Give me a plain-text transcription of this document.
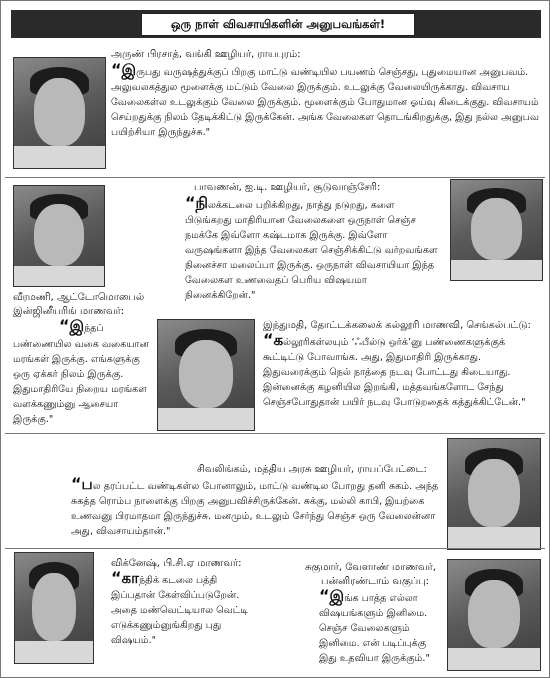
ஒரு நாள் விவசாயிகளின் அனுபவங்கள்!
அருண் பிரசாத், வங்கி ஊழியர், ராயபுரம்:
“இருபது வருஷத்துக்குப் பிறகு மாட்டு வண்டியில பயணம் செஞ்சது, புதுமையான அனுபவம். அலுவலகத்துல மூளைக்கு மட்டும் வேலை இருக்கும். உடலுக்கு வேலையிருக்காது. விவசாய வேலைகள்ல உடலுக்கும் வேலை இருக்கும். மூளைக்கும் போதுமான ஓய்வு கிடைக்குது. விவசாயம் செய்றதுக்கு நிலம் தேடிக்கிட்டு இருக்கேன். அங்க வேலைகள தொடங்கிறதுக்கு, இது நல்ல அனுபவ பயிற்சியா இருந்துச்சு."
பாவணன், ஐ.டி. ஊழியர், சூடுவாஞ்சேரி:
“நிலக்கடலை பறிக்கிறது, நாத்து நடுறது, களை பிடுங்கறது மாதிரியான வேலைகளை ஒருநாள் செஞ்ச நமக்கே இவ்ளோ கஷ்டமாக இருக்கு. இவ்ளோ வருஷங்களா இந்த வேலைகள செஞ்சிக்கிட்டு வர்றவங்கள நினைச்சா மலைப்பா இருக்கு. ஒருநாள் விவசாயியா இந்த வேலைகள உணவைதப் பெரிய விஷயமா நினைக்கிறேன்."
வீரமணி, ஆட்டோமொபைல்
இன்ஜினீயரிங் மாணவர்:
“இந்தப்
பண்ணையில வகை வகையான மரங்கள் இருக்கு. எங்களுக்கு ஒரு ஏக்கர் நிலம் இருக்கு. இதுமாதிரியே நிறைய மரங்கள வளக்கணும்னு ஆசையா இருக்கு."
இந்துமதி, தோட்டக்கலைக் கல்லூரி மாணவி, செங்கல்பட்டு:
“கல்லூரிகள்லயும் ‘ஃபீல்டு ஒர்க்’னு பண்ணைகளுக்குக் கூட்டிட்டு போவாங்க. அது, இதுமாதிரி இருக்காது. இதுவரைக்கும் நெல் நாத்தை நடவு போட்டது கிடையாது. இன்னைக்கு கழனியில இறங்கி, மத்தவங்களோட சேந்து செஞ்சபோதுதான் பயிர் நடவு போடுறதைக் கத்துக்கிட்டேன்."
சிவலிங்கம், மத்திய அரசு ஊழியர், ராயப்பேட்டை:
“பல தரப்பட்ட வண்டிகள்ல போனாலும், மாட்டு வண்டில போறது தனி சுகம். அந்த சுகத்த ரொம்ப நாளைக்கு பிறகு அனுபவிச்சிருக்கேன். சுக்கு, மல்லி காபி, இயற்கை உணவனு பிரமாதமா இருந்துச்சு. மனமும், உடலும் சேர்ந்து செஞ்ச ஒரு வேலைன்னா அது, விவசாயம்தான்."
விக்னேஷ், பி.சி.ஏ மாணவர்:
“காந்திக் கடலை பத்தி இப்பதான் கேள்விப்படுறேன். அதை மண்வெட்டியால வெட்டி எடுக்கணும்னுங்கிறது புது விஷயம்."
சுகுமார், வேளாண் மாணவர்,
பன்னிரண்டாம் வகுப்பு:
“இங்க பாத்த எல்லா விஷயங்களும் இனிமை. செஞ்ச வேலைகளும் இனிமை. என் படிப்புக்கு இது உதவியா இருக்கும்."
